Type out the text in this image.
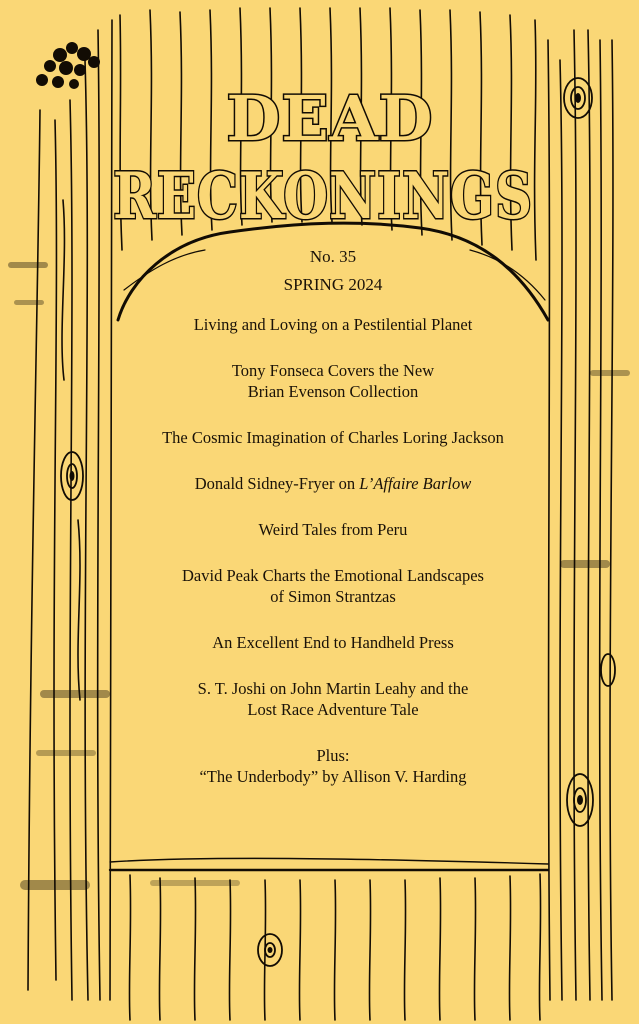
DEAD
RECKONINGS
No. 35
SPRING 2024
Living and Loving on a Pestilential Planet
Tony Fonseca Covers the New
Brian Evenson Collection
The Cosmic Imagination of Charles Loring Jackson
Donald Sidney-Fryer on L’Affaire Barlow
Weird Tales from Peru
David Peak Charts the Emotional Landscapes
of Simon Strantzas
An Excellent End to Handheld Press
S. T. Joshi on John Martin Leahy and the
Lost Race Adventure Tale
Plus:
“The Underbody” by Allison V. Harding
